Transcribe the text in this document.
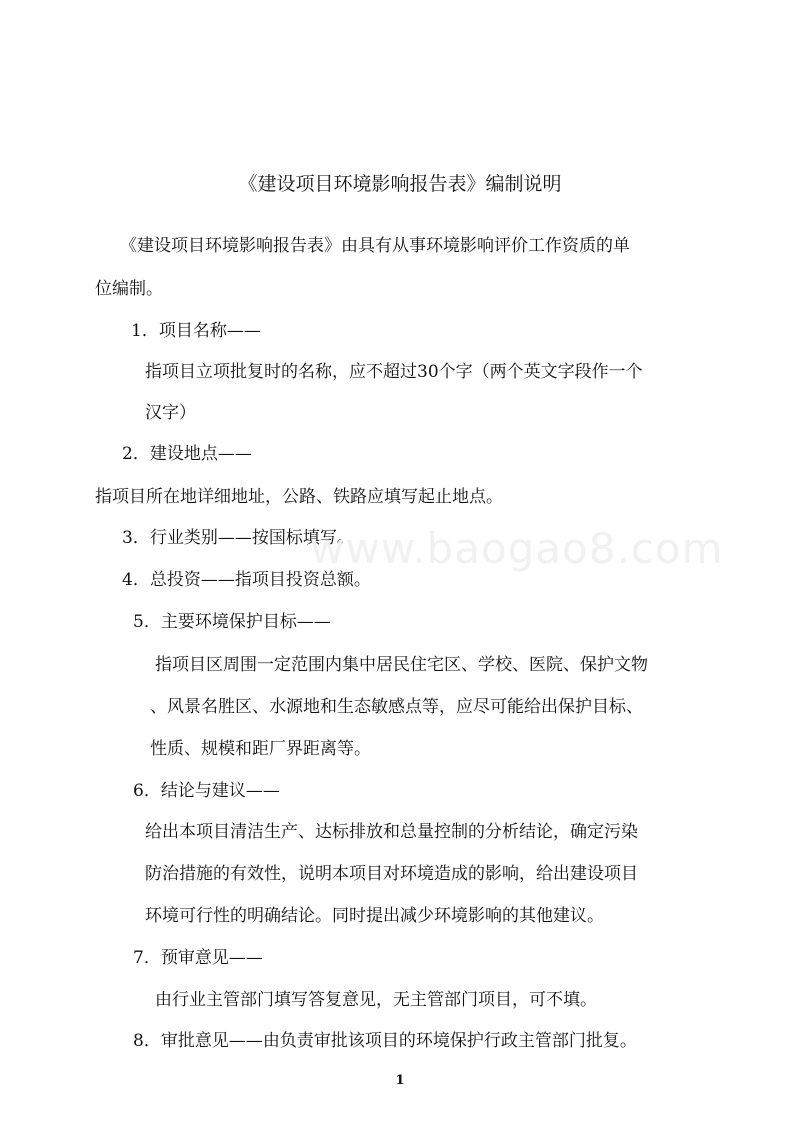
《建设项目环境影响报告表》编制说明
《建设项目环境影响报告表》由具有从事环境影响评价工作资质的单
位编制。
1．项目名称——
指项目立项批复时的名称，应不超过30个字（两个英文字段作一个
汉字）
2．建设地点——
指项目所在地详细地址，公路、铁路应填写起止地点。
3．行业类别——按国标填写。
4．总投资——指项目投资总额。
5．主要环境保护目标——
指项目区周围一定范围内集中居民住宅区、学校、医院、保护文物
、风景名胜区、水源地和生态敏感点等，应尽可能给出保护目标、
性质、规模和距厂界距离等。
6．结论与建议——
给出本项目清洁生产、达标排放和总量控制的分析结论，确定污染
防治措施的有效性，说明本项目对环境造成的影响，给出建设项目
环境可行性的明确结论。同时提出减少环境影响的其他建议。
7．预审意见——
由行业主管部门填写答复意见，无主管部门项目，可不填。
8．审批意见——由负责审批该项目的环境保护行政主管部门批复。
www.baogao8.com
1
